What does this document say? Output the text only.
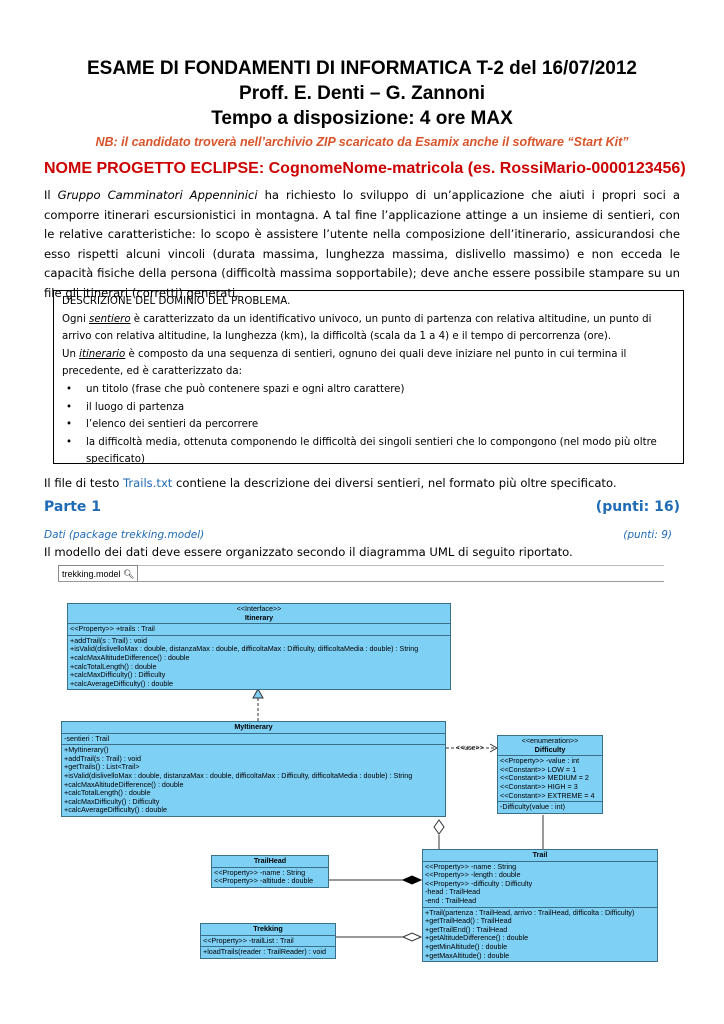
ESAME DI FONDAMENTI DI INFORMATICA T-2 del 16/07/2012
Proff. E. Denti – G. Zannoni
Tempo a disposizione: 4 ore MAX
NB: il candidato troverà nell’archivio ZIP scaricato da Esamix anche il software “Start Kit”
NOME PROGETTO ECLIPSE: CognomeNome-matricola (es. RossiMario-0000123456)
Il Gruppo Camminatori Appenninici ha richiesto lo sviluppo di un’applicazione che aiuti i propri soci a comporre itinerari escursionistici in montagna. A tal fine l’applicazione attinge a un insieme di sentieri, con le relative caratteristiche: lo scopo è assistere l’utente nella composizione dell’itinerario, assicurandosi che esso rispetti alcuni vincoli (durata massima, lunghezza massima, dislivello massimo) e non ecceda le capacità fisiche della persona (difficoltà massima sopportabile); deve anche essere possibile stampare su un file gli itinerari (corretti) generati.
DESCRIZIONE DEL DOMINIO DEL PROBLEMA.
Ogni sentiero è caratterizzato da un identificativo univoco, un punto di partenza con relativa altitudine, un punto di arrivo con relativa altitudine, la lunghezza (km), la difficoltà (scala da 1 a 4) e il tempo di percorrenza (ore).
Un itinerario è composto da una sequenza di sentieri, ognuno dei quali deve iniziare nel punto in cui termina il precedente, ed è caratterizzato da:
• un titolo (frase che può contenere spazi e ogni altro carattere)
• il luogo di partenza
• l’elenco dei sentieri da percorrere
• la difficoltà media, ottenuta componendo le difficoltà dei singoli sentieri che lo compongono (nel modo più oltre specificato)
Il file di testo Trails.txt contiene la descrizione dei diversi sentieri, nel formato più oltre specificato.
Parte 1	(punti: 16)
Dati (package trekking.model)	(punti: 9)
Il modello dei dati deve essere organizzato secondo il diagramma UML di seguito riportato.
trekking.model 🔍︎
<<use>>
<<Interface>>
Itinerary
<<Property>> +trails : Trail
+addTrail(s : Trail) : void
+isValid(dislivelloMax : double, distanzaMax : double, difficoltaMax : Difficulty, difficoltaMedia : double) : String
+calcMaxAltitudeDifference() : double
+calcTotalLength() : double
+calcMaxDifficulty() : Difficulty
+calcAverageDifficulty() : double
MyItinerary
-sentieri : Trail
+MyItinerary()
+addTrail(s : Trail) : void
+getTrails() : List<Trail>
+isValid(dislivelloMax : double, distanzaMax : double, difficoltaMax : Difficulty, difficoltaMedia : double) : String
+calcMaxAltitudeDifference() : double
+calcTotalLength() : double
+calcMaxDifficulty() : Difficulty
+calcAverageDifficulty() : double
<<enumeration>>
Difficulty
<<Property>> -value : int
<<Constant>> LOW = 1
<<Constant>> MEDIUM = 2
<<Constant>> HIGH = 3
<<Constant>> EXTREME = 4
-Difficulty(value : int)
TrailHead
<<Property>> -name : String
<<Property>> -altitude : double
Trail
<<Property>> -name : String
<<Property>> -length : double
<<Property>> -difficulty : Difficulty
-head : TrailHead
-end : TrailHead
+Trail(partenza : TrailHead, arrivo : TrailHead, difficolta : Difficulty)
+getTrailHead() : TrailHead
+getTrailEnd() : TrailHead
+getAltitudeDifference() : double
+getMinAltitude() : double
+getMaxAltitude() : double
Trekking
<<Property>> -trailList : Trail
+loadTrails(reader : TrailReader) : void
